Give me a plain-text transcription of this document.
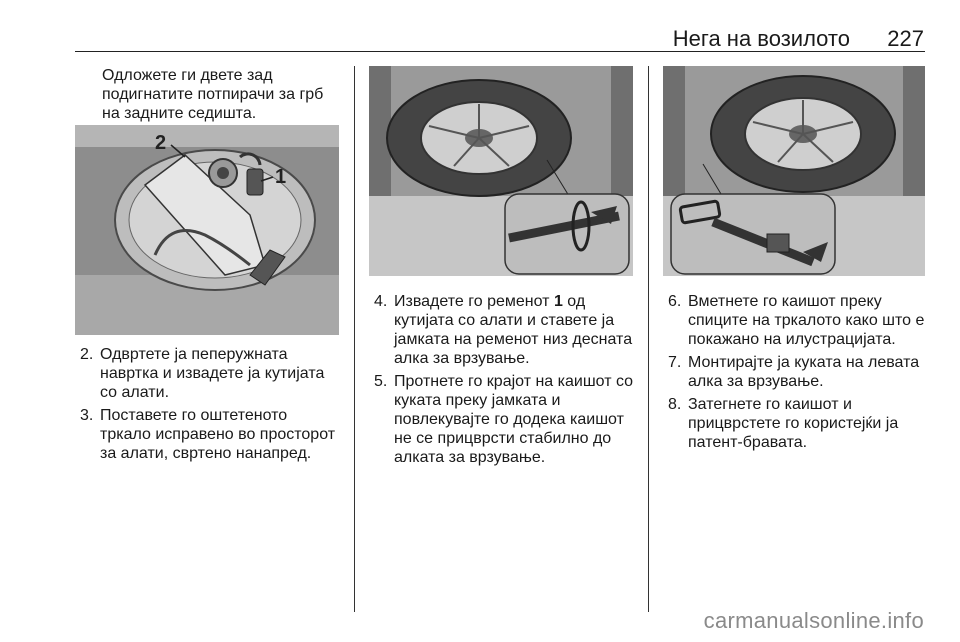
Нега на возилото 227
Одложете ги двете зад
подигнатите потпирачи за грб
на задните седишта.
2
1
2. Одвртете ја пеперужната
навртка и извадете ја кутијата
со алати.
3. Поставете го оштетеното
тркало исправено во просторот
за алати, свртено нанапред.
4. Извадете го ременот 1 од
кутијата со алати и ставете ја
јамката на ременот низ десната
алка за врзување.
5. Протнете го крајот на каишот со
куката преку јамката и
повлекувајте го додека каишот
не се прицврсти стабилно до
алката за врзување.
6. Вметнете го каишот преку
спиците на тркалото како што е
покажано на илустрацијата.
7. Монтирајте ја куката на левата
алка за врзување.
8. Затегнете го каишот и
прицврстете го користејќи ја
патент-бравата.
carmanualsonline.info
